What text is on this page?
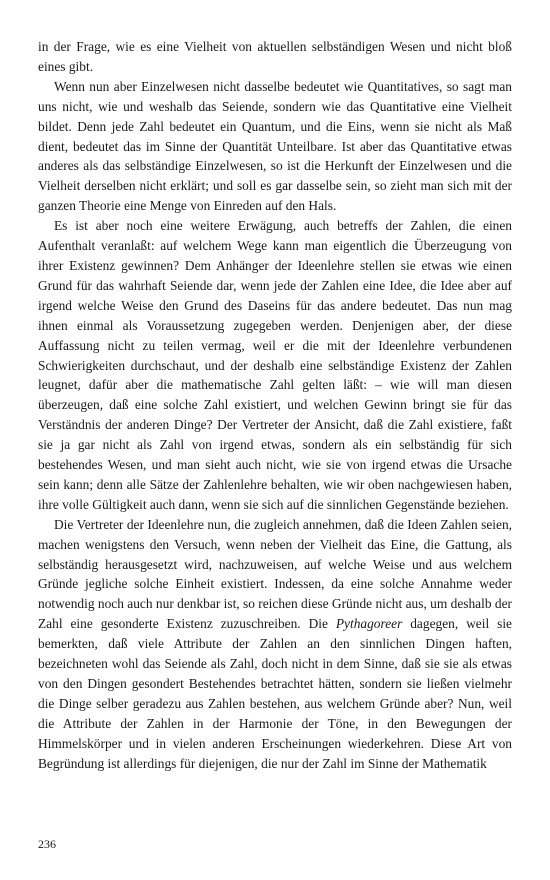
in der Frage, wie es eine Vielheit von aktuellen selbständigen Wesen und nicht bloß eines gibt.

Wenn nun aber Einzelwesen nicht dasselbe bedeutet wie Quantitatives, so sagt man uns nicht, wie und weshalb das Seiende, sondern wie das Quantitative eine Vielheit bildet. Denn jede Zahl bedeutet ein Quantum, und die Eins, wenn sie nicht als Maß dient, bedeutet das im Sinne der Quantität Unteilbare. Ist aber das Quantitative etwas anderes als das selbständige Einzelwesen, so ist die Herkunft der Einzelwesen und die Vielheit derselben nicht erklärt; und soll es gar dasselbe sein, so zieht man sich mit der ganzen Theorie eine Menge von Einreden auf den Hals.

Es ist aber noch eine weitere Erwägung, auch betreffs der Zahlen, die einen Aufenthalt veranlaßt: auf welchem Wege kann man eigentlich die Überzeugung von ihrer Existenz gewinnen? Dem Anhänger der Ideenlehre stellen sie etwas wie einen Grund für das wahrhaft Seiende dar, wenn jede der Zahlen eine Idee, die Idee aber auf irgend welche Weise den Grund des Daseins für das andere bedeutet. Das nun mag ihnen einmal als Voraussetzung zugegeben werden. Denjenigen aber, der diese Auffassung nicht zu teilen vermag, weil er die mit der Ideenlehre verbundenen Schwierigkeiten durchschaut, und der deshalb eine selbständige Existenz der Zahlen leugnet, dafür aber die mathematische Zahl gelten läßt: – wie will man diesen überzeugen, daß eine solche Zahl existiert, und welchen Gewinn bringt sie für das Verständnis der anderen Dinge? Der Vertreter der Ansicht, daß die Zahl existiere, faßt sie ja gar nicht als Zahl von irgend etwas, sondern als ein selbständig für sich bestehendes Wesen, und man sieht auch nicht, wie sie von irgend etwas die Ursache sein kann; denn alle Sätze der Zahlenlehre behalten, wie wir oben nachgewiesen haben, ihre volle Gültigkeit auch dann, wenn sie sich auf die sinnlichen Gegenstände beziehen.

Die Vertreter der Ideenlehre nun, die zugleich annehmen, daß die Ideen Zahlen seien, machen wenigstens den Versuch, wenn neben der Vielheit das Eine, die Gattung, als selbständig herausgesetzt wird, nachzuweisen, auf welche Weise und aus welchem Gründe jegliche solche Einheit existiert. Indessen, da eine solche Annahme weder notwendig noch auch nur denkbar ist, so reichen diese Gründe nicht aus, um deshalb der Zahl eine gesonderte Existenz zuzuschreiben. Die Pythagoreer dagegen, weil sie bemerkten, daß viele Attribute der Zahlen an den sinnlichen Dingen haften, bezeichneten wohl das Seiende als Zahl, doch nicht in dem Sinne, daß sie sie als etwas von den Dingen gesondert Bestehendes betrachtet hätten, sondern sie ließen vielmehr die Dinge selber geradezu aus Zahlen bestehen, aus welchem Gründe aber? Nun, weil die Attribute der Zahlen in der Harmonie der Töne, in den Bewegungen der Himmelskörper und in vielen anderen Erscheinungen wiederkehren. Diese Art von Begründung ist allerdings für diejenigen, die nur der Zahl im Sinne der Mathematik

236
